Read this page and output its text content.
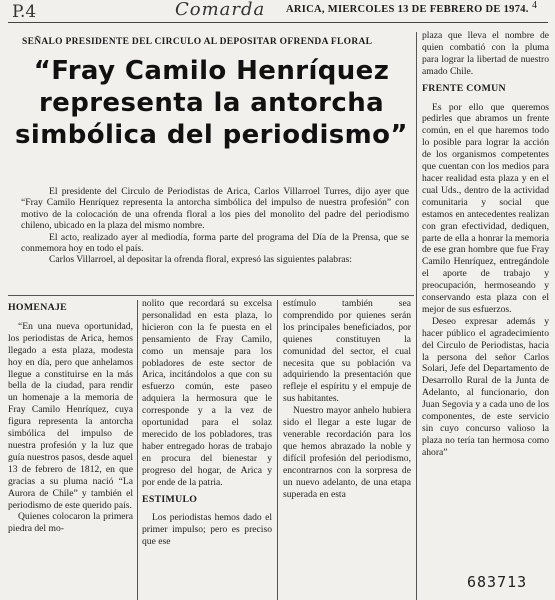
P.4	Comarda ARICA, MIERCOLES 13 DE FEBRERO DE 1974. 4
SEÑALO PRESIDENTE DEL CIRCULO AL DEPOSITAR OFRENDA FLORAL
“Fray Camilo Henríquez representa la antorcha simbólica del periodismo”

El presidente del Circulo de Periodistas de Arica, Carlos Villarroel Turres, dijo ayer que “Fray Camilo Henríquez representa la antorcha simbólica del impulso de nuestra profesión” con motivo de la colocación de una ofrenda floral a los pies del monolito del padre del periodismo chileno, ubicado en la plaza del mismo nombre.

El acto, realizado ayer al mediodía, forma parte del programa del Día de la Prensa, que se conmemora hoy en todo el país.

Carlos Villarroel, al depositar la ofrenda floral, expresó las siguientes palabras:

HOMENAJE

“En una nueva oportunidad, los periodistas de Arica, hemos llegado a esta plaza, modesta hoy en día, pero que anhelamos llegue a constituirse en la más bella de la ciudad, para rendir un homenaje a la memoria de Fray Camilo Henríquez, cuya figura representa la antorcha simbólica del impulso de nuestra profesión y la luz que guía nuestros pasos, desde aquel 13 de febrero de 1812, en que gracias a su pluma nació “La Aurora de Chile” y también el periodismo de este querido país.

Quienes colocaron la primera piedra del mo-

nolito que recordará su excelsa personalidad en esta plaza, lo hicieron con la fe puesta en el pensamiento de Fray Camilo, como un mensaje para los pobladores de este sector de Arica, incitándolos a que con su esfuerzo común, este paseo adquiera la hermosura que le corresponde y a la vez de oportunidad para el solaz merecido de los pobladores, tras haber entregado horas de trabajo en procura del bienestar y progreso del hogar, de Arica y por ende de la patria.

ESTIMULO

Los periodistas hemos dado el primer impulso; pero es preciso que ese

estímulo también sea comprendido por quienes serán los principales beneficiados, por quienes constituyen la comunidad del sector, el cual necesita que su población va adquiriendo la presentación que refleje el espíritu y el empuje de sus habitantes.

Nuestro mayor anhelo hubiera sido el llegar a este lugar de venerable recordación para los que hemos abrazado la noble y difícil profesión del periodismo, encontrarnos con la sorpresa de un nuevo adelanto, de una etapa superada en esta

plaza que lleva el nombre de quien combatió con la pluma para lograr la libertad de nuestro amado Chile.

FRENTE COMUN

Es por ello que queremos pedirles que abramos un frente común, en el que haremos todo lo posible para lograr la acción de los organismos competentes que cuentan con los medios para hacer realidad esta plaza y en el cual Uds., dentro de la actividad comunitaria y social que estamos en antecedentes realizan con gran efectividad, dediquen, parte de ella a honrar la memoria de ese gran hombre que fue Fray Camilo Henríquez, entregándole el aporte de trabajo y preocupación, hermoseando y conservando esta plaza con el mejor de sus esfuerzos.

Deseo expresar además y hacer público el agradecimiento del Circulo de Periodistas, hacia la persona del señor Carlos Solari, Jefe del Departamento de Desarrollo Rural de la Junta de Adelanto, al funcionario, don Juan Segovia y a cada uno de los componentes, de este servicio sin cuyo concurso valioso la plaza no tería tan hermosa como ahora”

683713
